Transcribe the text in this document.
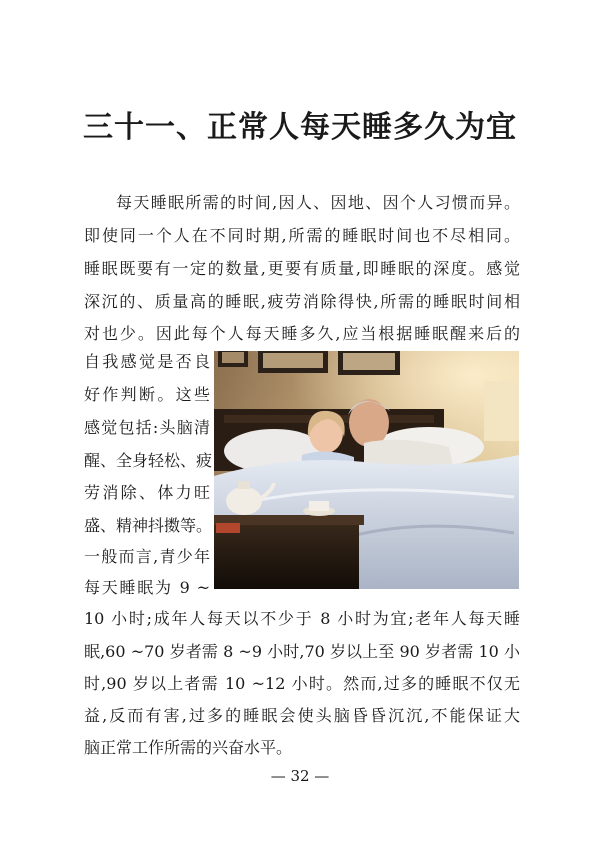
三十一、正常人每天睡多久为宜

每天睡眠所需的时间,因人、因地、因个人习惯而异。

即使同一个人在不同时期,所需的睡眠时间也不尽相同。

睡眠既要有一定的数量,更要有质量,即睡眠的深度。感觉

深沉的、质量高的睡眠,疲劳消除得快,所需的睡眠时间相

对也少。因此每个人每天睡多久,应当根据睡眠醒来后的

自我感觉是否良

好作判断。这些

感觉包括:头脑清

醒、全身轻松、疲

劳消除、体力旺

盛、精神抖擞等。

一般而言,青少年

每天睡眠为 9 ~

10 小时;成年人每天以不少于 8 小时为宜;老年人每天睡

眠,60 ~70 岁者需 8 ~9 小时,70 岁以上至 90 岁者需 10 小

时,90 岁以上者需 10 ~12 小时。然而,过多的睡眠不仅无

益,反而有害,过多的睡眠会使头脑昏昏沉沉,不能保证大

脑正常工作所需的兴奋水平。

— 32 —
